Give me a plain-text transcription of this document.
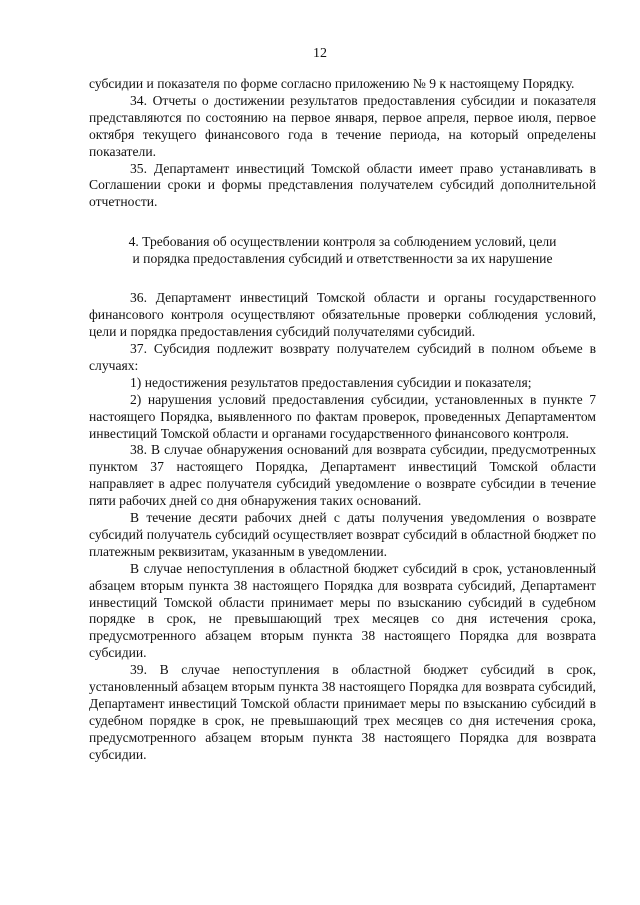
12

субсидии и показателя по форме согласно приложению № 9 к настоящему Порядку.

34. Отчеты о достижении результатов предоставления субсидии и показателя представляются по состоянию на первое января, первое апреля, первое июля, первое октября текущего финансового года в течение периода, на который определены показатели.

35. Департамент инвестиций Томской области имеет право устанавливать в Соглашении сроки и формы представления получателем субсидий дополнительной отчетности.

4. Требования об осуществлении контроля за соблюдением условий, цели
и порядка предоставления субсидий и ответственности за их нарушение

36. Департамент инвестиций Томской области и органы государственного финансового контроля осуществляют обязательные проверки соблюдения условий, цели и порядка предоставления субсидий получателями субсидий.

37. Субсидия подлежит возврату получателем субсидий в полном объеме в случаях:

1) недостижения результатов предоставления субсидии и показателя;

2) нарушения условий предоставления субсидии, установленных в пункте 7 настоящего Порядка, выявленного по фактам проверок, проведенных Департаментом инвестиций Томской области и органами государственного финансового контроля.

38. В случае обнаружения оснований для возврата субсидии, предусмотренных пунктом 37 настоящего Порядка, Департамент инвестиций Томской области направляет в адрес получателя субсидий уведомление о возврате субсидии в течение пяти рабочих дней со дня обнаружения таких оснований.

В течение десяти рабочих дней с даты получения уведомления о возврате субсидий получатель субсидий осуществляет возврат субсидий в областной бюджет по платежным реквизитам, указанным в уведомлении.

В случае непоступления в областной бюджет субсидий в срок, установленный абзацем вторым пункта 38 настоящего Порядка для возврата субсидий, Департамент инвестиций Томской области принимает меры по взысканию субсидий в судебном порядке в срок, не превышающий трех месяцев со дня истечения срока, предусмотренного абзацем вторым пункта 38 настоящего Порядка для возврата субсидии.

39. В случае непоступления в областной бюджет субсидий в срок, установленный абзацем вторым пункта 38 настоящего Порядка для возврата субсидий, Департамент инвестиций Томской области принимает меры по взысканию субсидий в судебном порядке в срок, не превышающий трех месяцев со дня истечения срока, предусмотренного абзацем вторым пункта 38 настоящего Порядка для возврата субсидии.
